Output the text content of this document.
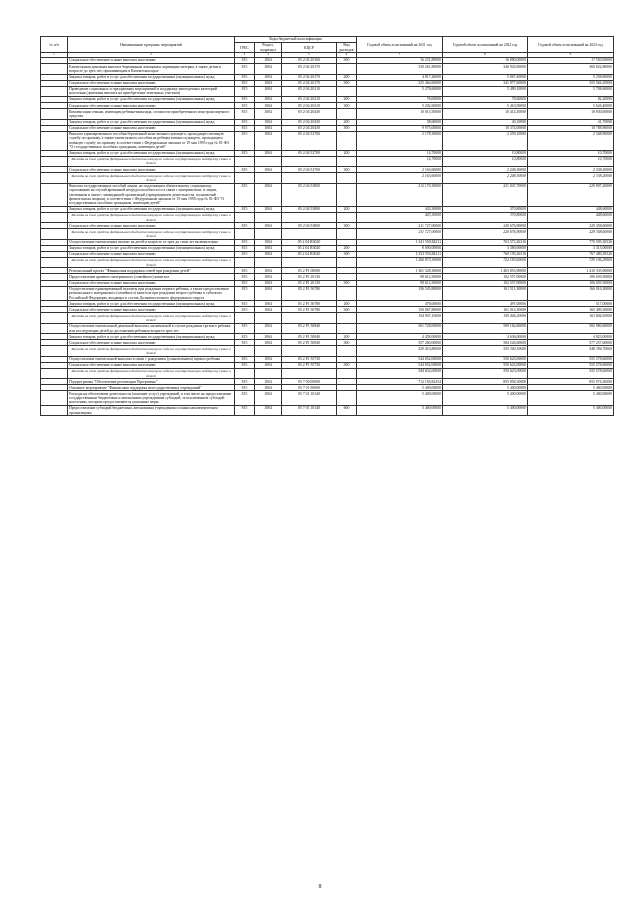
№ п/п	Наименование программ, мероприятий	Коды бюджетной классификации				Годовой объем ассигнований на 2021 год	Годовой объем ассигнований на 2022 год	Годовой объем ассигнований на 2023 год
		ГРБС	Раздел, подраздел	КЦСР	Вид расходов			
1	2	3	4	5	6	7	8	9
	Социальное обеспечение и иные выплаты населению	815	1004	05 2 04 20160	300	16 231,80000	16 880,00000	17 550,00000
	Ежемесячная денежная выплата беременным женщинам, кормящим матерям, а также детям в возрасте до трех лет, проживающим в Камчатском крае	815	1004	05 2 04 20170		330 261,80000	346 945,00000	360 822,80000
	Закупка товаров, работ и услуг для обеспечения государственных (муниципальных) нужд	815	1004	05 2 04 20170	200	4 817,20000	5 067,40000	5 258,60000
	Социальное обеспечение и иные выплаты населению	815	1004	05 2 04 20170	300	325 464,60000	341 877,60000	355 564,20000
	Проведение социальных и праздничных мероприятий в поддержку многодетных категорий населения (денежная выплата на приобретение земельных участков)	815	1004	05 2 04 20210		5 278,60000	5 489,10000	5 708,60000
	Закупка товаров, работ и услуг для обеспечения государственных (муниципальных) нужд	815	1004	05 2 04 20210	200	76,00000	78,60000	82,20000
	Социальное обеспечение и иные выплаты населению	815	1004	05 2 04 20210	300	5 202,60000	5 410,50000	5 626,40000
	Компенсация семьям, имеющим ребенка-инвалида, стоимости приобретенного ими транспортного средства	815	1004	05 2 04 20430		10 013,50000	10 414,10000	10 830,60000
	Закупка товаров, работ и услуг для обеспечения государственных (муниципальных) нужд	815	1004	05 2 04 20430	200	38,60000	40,10000	41,70000
	Социальное обеспечение и иные выплаты населению	815	1004	05 2 04 20430	300	9 975,00000	10 374,00000	10 788,90000
	Выплата единовременного пособия беременной жене военнослужащего, проходящего военную службу по призыву, а также ежемесячного пособия на ребенка военнослужащего, проходящего военную службу по призыву, в соответствии с Федеральным законом от 19 мая 1995 года № 81-ФЗ "О государственных пособиях гражданам, имеющим детей"	815	1004	05 2 04 52700		2 178,30000	2 259,10000	2 348,90000
	Закупка товаров, работ и услуг для обеспечения государственных (муниципальных) нужд	815	1004	05 2 04 52700	200	14,70000	10,80000	10,70000
	Расходы за счет средств федерального бюджета текущего года на государственную поддержку семьи и детей					14,70000	10,80000	10,70000
	Социальное обеспечение и иные выплаты населению	815	1004	05 2 04 52700	300	2 163,60000	2 248,30000	2 338,20000
	Расходы за счет средств федерального бюджета текущего года на государственную поддержку семьи и детей					2 163,60000	2 248,30000	2 338,20000
	Выплата государственных пособий лицам, не подлежащим обязательному социальному страхованию на случай временной нетрудоспособности и в связи с материнством, и лицам, уволенным в связи с ликвидацией организаций (прекращением деятельности, полномочий физическими лицами), в соответствии с Федеральным законом от 19 мая 1995 года № 81-ФЗ "О государственных пособиях гражданам, имеющим детей"	815	1004	05 2 04 53800		212 170,30000	221 047,70000	229 807,20000
	Закупка товаров, работ и услуг для обеспечения государственных (муниципальных) нужд	815	1004	05 2 04 53800	200	443,30000	370,80000	448,60000
	Расходы за счет средств федерального бюджета текущего года на государственную поддержку семьи и детей					443,30000	370,80000	448,60000
	Социальное обеспечение и иные выплаты населению	815	1004	05 2 04 53800	300	211 727,00000	220 676,90000	229 358,60000
	Расходы за счет средств федерального бюджета текущего года на государственную поддержку семьи и детей					211 727,00000	220 676,90000	229 358,60000
	Осуществление ежемесячных выплат на детей в возрасте от трех до семи лет включительно	815	1004	05 2 04 R3020		1 341 550,84211	763 573,26316	770 595,30526
	Закупка товаров, работ и услуг для обеспечения государственных (муниципальных) нужд	815	1004	05 2 04 R3020	200	8 000,00000	3 380,00000	3 315,00000
	Социальное обеспечение и иные выплаты населению	815	1004	05 2 04 R3020	300	1 333 550,84211	760 193,26316	767 480,30526
	Расходы за счет средств федерального бюджета текущего года на государственную поддержку семьи и детей					1 266 873,30000	722 183,60000	729 106,29000
	Региональный проект "Финансовая поддержка семей при рождении детей"	815	1004	05 2 P1 00000		1 361 528,30000	1 403 853,90000	1 410 335,00000
	Предоставление краевого материнского (семейного) капитала	815	1004	05 2 P1 20130		98 612,50000	102 557,00000	106 659,30000
	Социальное обеспечение и иные выплаты населению	815	1004	05 2 P1 20130	300	98 612,50000	102 557,00000	106 659,30000
	Осуществление единовременной выплаты при рождении первого ребенка, а также предоставление регионального материнского (семейного) капитала при рождении второго ребенка в субъектах Российской Федерации, входящих в состав Дальневосточного федерального округа	815	1004	05 2 P1 50780		156 545,80000	161 511,30000	166 016,30000
	Закупка товаров, работ и услуг для обеспечения государственных (муниципальных) нужд	815	1004	05 2 P1 50780	200	478,00000	497,00000	517,00000
	Социальное обеспечение и иные выплаты населению	815	1004	05 2 P1 50780	300	156 067,80000	161 014,30000	165 499,30000
	Расходы за счет средств федерального бюджета текущего года на государственную поддержку семьи и детей					154 907,10000	159 404,20000	163 844,50000
	Осуществление ежемесячной денежной выплаты, назначаемой в случае рождения третьего ребенка или последующих детей до достижения ребенком возраста трех лет	815	1004	05 2 P1 50840		561 728,00000	589 162,60000	582 080,60000
	Закупка товаров, работ и услуг для обеспечения государственных (муниципальных) нужд	815	1004	05 2 P1 50840	200	4 458,00000	4 636,00000	4 823,00000
	Социальное обеспечение и иные выплаты населению	815	1004	05 2 P1 50840	300	557 260,00000	584 526,60000	577 257,60000
	Расходы за счет средств федерального бюджета текущего года на государственную поддержку семьи и детей					529 410,80000	555 300,30000	548 394,70000
	Осуществление ежемесячной выплаты в связи с рождением (усыновлением) первого ребенка	815	1004	05 2 P1 55730		544 652,00000	550 623,00000	555 578,60000
	Социальное обеспечение и иные выплаты населению	815	1004	05 2 P1 55730	300	544 652,00000	550 623,00000	555 578,60000
	Расходы за счет средств федерального бюджета текущего года на государственную поддержку семьи и детей					544 652,00000	550 623,00000	555 578,60000
	Подпрограмма "Обеспечение реализации Программы"	815	1004	05 7 00 00000		712 193,82254	855 858,30000	855 974,30000
	Основное мероприятие "Финансовая поддержка негосударственных учреждений"	815	1004	05 7 01 00000		5 400,00000	5 400,00000	5 400,00000
	Расходы на обеспечение деятельности (оказание услуг) учреждений, в том числе на предоставление государственным бюджетным и автономным учреждениям субсидий, за исключением субсидий населению, которым предоставляются указанные меры	815	1004	05 7 01 10140		5 400,00000	5 400,00000	5 400,00000
	Предоставление субсидий бюджетным, автономным учреждениям и иным некоммерческим организациям	815	1004	05 7 01 10140	600	5 400,00000	5 400,00000	5 400,00000
8
